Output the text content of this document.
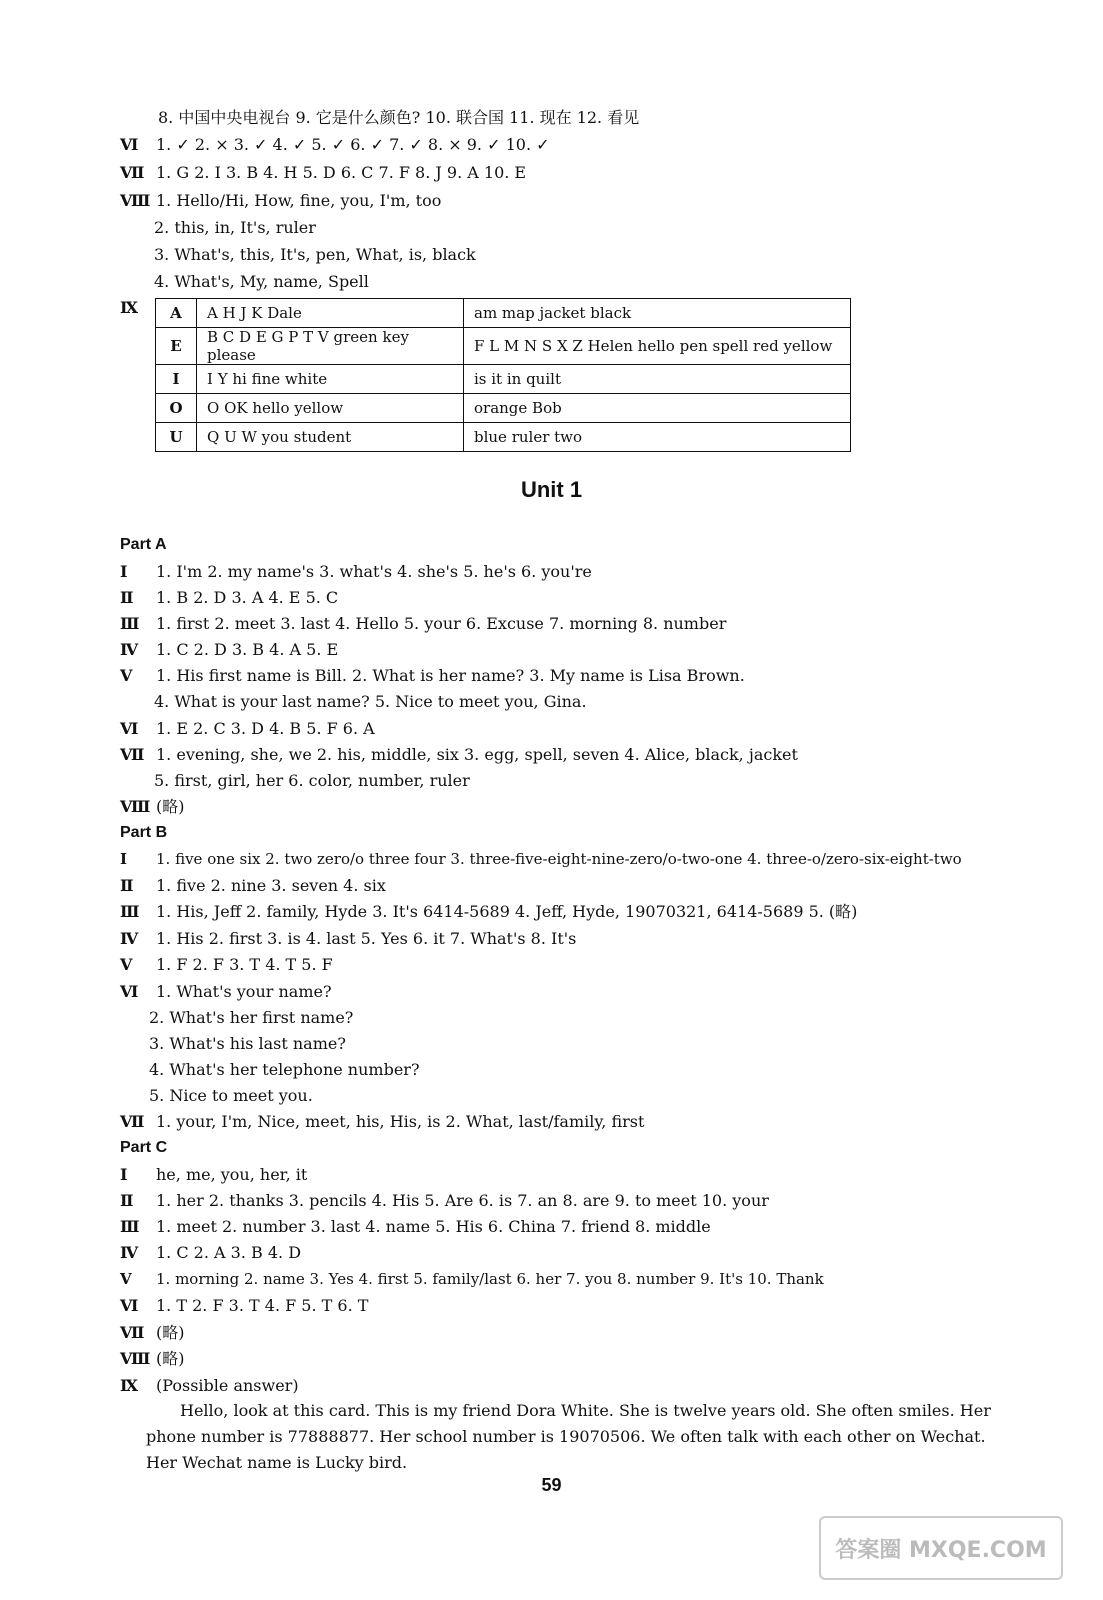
8. 中国中央电视台 9. 它是什么颜色? 10. 联合国 11. 现在 12. 看见
Ⅵ 1. ✓ 2. × 3. ✓ 4. ✓ 5. ✓ 6. ✓ 7. ✓ 8. × 9. ✓ 10. ✓
Ⅶ 1. G 2. I 3. B 4. H 5. D 6. C 7. F 8. J 9. A 10. E
Ⅷ 1. Hello/Hi, How, fine, you, I'm, too
2. this, in, It's, ruler
3. What's, this, It's, pen, What, is, black
4. What's, My, name, Spell
Ⅸ A	A H J K Dale	am map jacket black
E	B C D E G P T V green key please	F L M N S X Z Helen hello pen spell red yellow
I	I Y hi fine white	is it in quilt
O	O OK hello yellow	orange Bob
U	Q U W you student	blue ruler two
Unit 1
Part A
Ⅰ 1. I'm 2. my name's 3. what's 4. she's 5. he's 6. you're
Ⅱ 1. B 2. D 3. A 4. E 5. C
Ⅲ 1. first 2. meet 3. last 4. Hello 5. your 6. Excuse 7. morning 8. number
Ⅳ 1. C 2. D 3. B 4. A 5. E
Ⅴ 1. His first name is Bill. 2. What is her name? 3. My name is Lisa Brown.
4. What is your last name? 5. Nice to meet you, Gina.
Ⅵ 1. E 2. C 3. D 4. B 5. F 6. A
Ⅶ 1. evening, she, we 2. his, middle, six 3. egg, spell, seven 4. Alice, black, jacket
5. first, girl, her 6. color, number, ruler
Ⅷ (略)
Part B
Ⅰ 1. five one six 2. two zero/o three four 3. three-five-eight-nine-zero/o-two-one 4. three-o/zero-six-eight-two
Ⅱ 1. five 2. nine 3. seven 4. six
Ⅲ 1. His, Jeff 2. family, Hyde 3. It's 6414-5689 4. Jeff, Hyde, 19070321, 6414-5689 5. (略)
Ⅳ 1. His 2. first 3. is 4. last 5. Yes 6. it 7. What's 8. It's
Ⅴ 1. F 2. F 3. T 4. T 5. F
Ⅵ 1. What's your name?
2. What's her first name?
3. What's his last name?
4. What's her telephone number?
5. Nice to meet you.
Ⅶ 1. your, I'm, Nice, meet, his, His, is 2. What, last/family, first
Part C
Ⅰ he, me, you, her, it
Ⅱ 1. her 2. thanks 3. pencils 4. His 5. Are 6. is 7. an 8. are 9. to meet 10. your
Ⅲ 1. meet 2. number 3. last 4. name 5. His 6. China 7. friend 8. middle
Ⅳ 1. C 2. A 3. B 4. D
Ⅴ 1. morning 2. name 3. Yes 4. first 5. family/last 6. her 7. you 8. number 9. It's 10. Thank
Ⅵ 1. T 2. F 3. T 4. F 5. T 6. T
Ⅶ (略)
Ⅷ (略)
Ⅸ (Possible answer)
Hello, look at this card. This is my friend Dora White. She is twelve years old. She often smiles. Her phone number is 77888877. Her school number is 19070506. We often talk with each other on Wechat. Her Wechat name is Lucky bird.
59
答案圈 MXQE.COM
